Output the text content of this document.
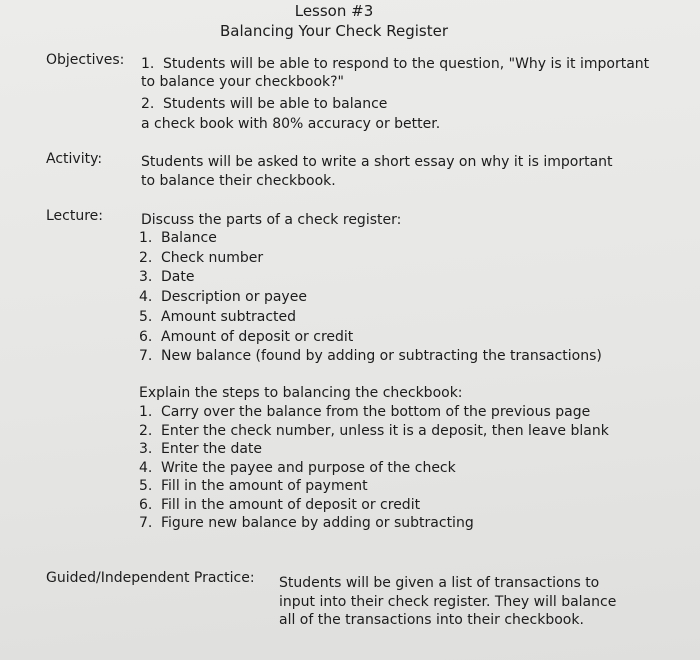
Lesson #3
Balancing Your Check Register
Objectives: 1. Students will be able to respond to the question, "Why is it important
to balance your checkbook?"
2. Students will be able to balance
a check book with 80% accuracy or better.
Activity:	Students will be asked to write a short essay on why it is important
to balance their checkbook.
Lecture:	Discuss the parts of a check register:
1. Balance
2. Check number
3. Date
4. Description or payee
5. Amount subtracted
6. Amount of deposit or credit
7. New balance (found by adding or subtracting the transactions)
Explain the steps to balancing the checkbook:
1. Carry over the balance from the bottom of the previous page
2. Enter the check number, unless it is a deposit, then leave blank
3. Enter the date
4. Write the payee and purpose of the check
5. Fill in the amount of payment
6. Fill in the amount of deposit or credit
7. Figure new balance by adding or subtracting
Guided/Independent Practice: Students will be given a list of transactions to
input into their check register. They will balance
all of the transactions into their checkbook.
